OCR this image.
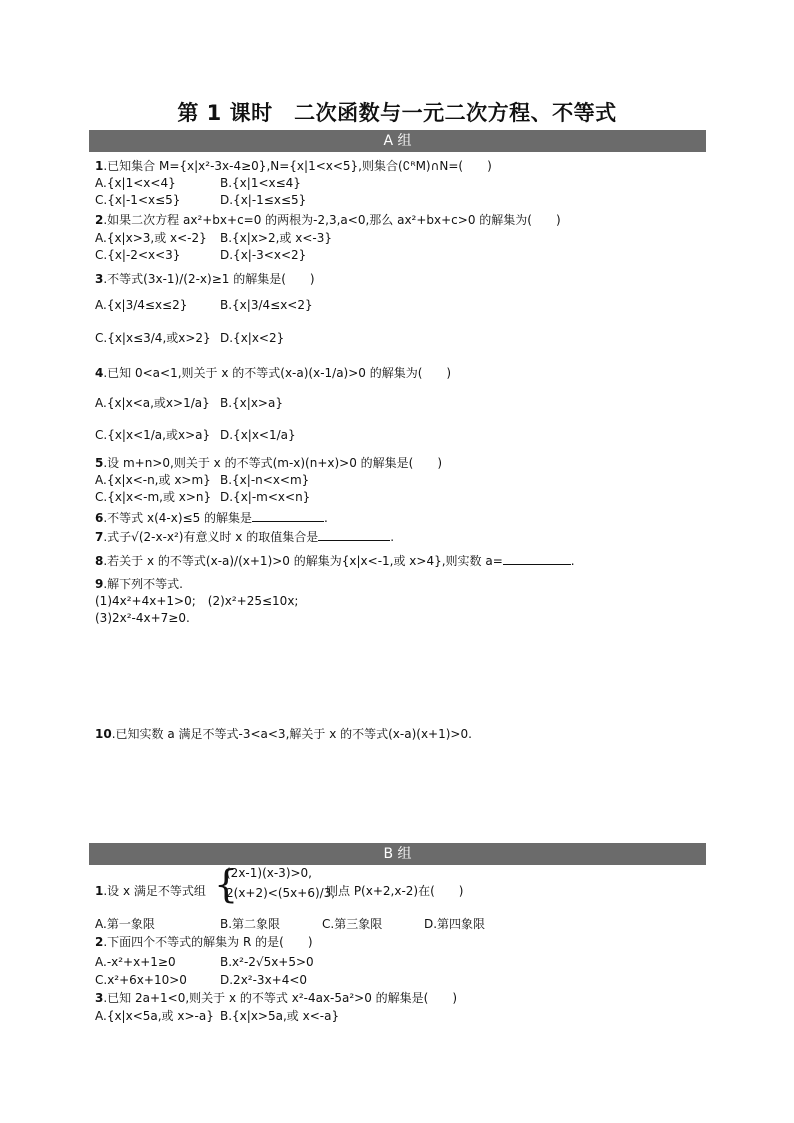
第 1 课时　二次函数与一元二次方程、不等式
A 组
1.已知集合 M={x|x²-3x-4≥0},N={x|1<x<5},则集合(∁ᴿM)∩N=(　　)
A.{x|1<x<4}	B.{x|1<x≤4}
C.{x|-1<x≤5}	D.{x|-1≤x≤5}
2.如果二次方程 ax²+bx+c=0 的两根为-2,3,a<0,那么 ax²+bx+c>0 的解集为(　　)
A.{x|x>3,或 x<-2} B.{x|x>2,或 x<-3}
C.{x|-2<x<3}	D.{x|-3<x<2}
3.不等式(3x-1)/(2-x)≥1 的解集是(　　)
A.{x|3/4≤x≤2}	B.{x|3/4≤x<2}
C.{x|x≤3/4,或x>2} D.{x|x<2}
4.已知 0<a<1,则关于 x 的不等式(x-a)(x-1/a)>0 的解集为(　　)
A.{x|x<a,或x>1/a} B.{x|x>a}
C.{x|x<1/a,或x>a} D.{x|x<1/a}
5.设 m+n>0,则关于 x 的不等式(m-x)(n+x)>0 的解集是(　　)
A.{x|x<-n,或 x>m} B.{x|-n<x<m}
C.{x|x<-m,或 x>n} D.{x|-m<x<n}
6.不等式 x(4-x)≤5 的解集是	.
7.式子√(2-x-x²)有意义时 x 的取值集合是	.
8.若关于 x 的不等式(x-a)/(x+1)>0 的解集为{x|x<-1,或 x>4},则实数 a=	.
9.解下列不等式.
(1)4x²+4x+1>0;　(2)x²+25≤10x;
(3)2x²-4x+7≥0.
10.已知实数 a 满足不等式-3<a<3,解关于 x 的不等式(x-a)(x+1)>0.
B 组
1.设 x 满足不等式组 {
(2x-1)(x-3)>0,
2(x+2)<(5x+6)/3,
则点 P(x+2,x-2)在(　　)
A.第一象限	B.第二象限	C.第三象限	D.第四象限
2.下面四个不等式的解集为 R 的是(　　)
A.-x²+x+1≥0	B.x²-2√5x+5>0
C.x²+6x+10>0	D.2x²-3x+4<0
3.已知 2a+1<0,则关于 x 的不等式 x²-4ax-5a²>0 的解集是(　　)
A.{x|x<5a,或 x>-a} B.{x|x>5a,或 x<-a}
